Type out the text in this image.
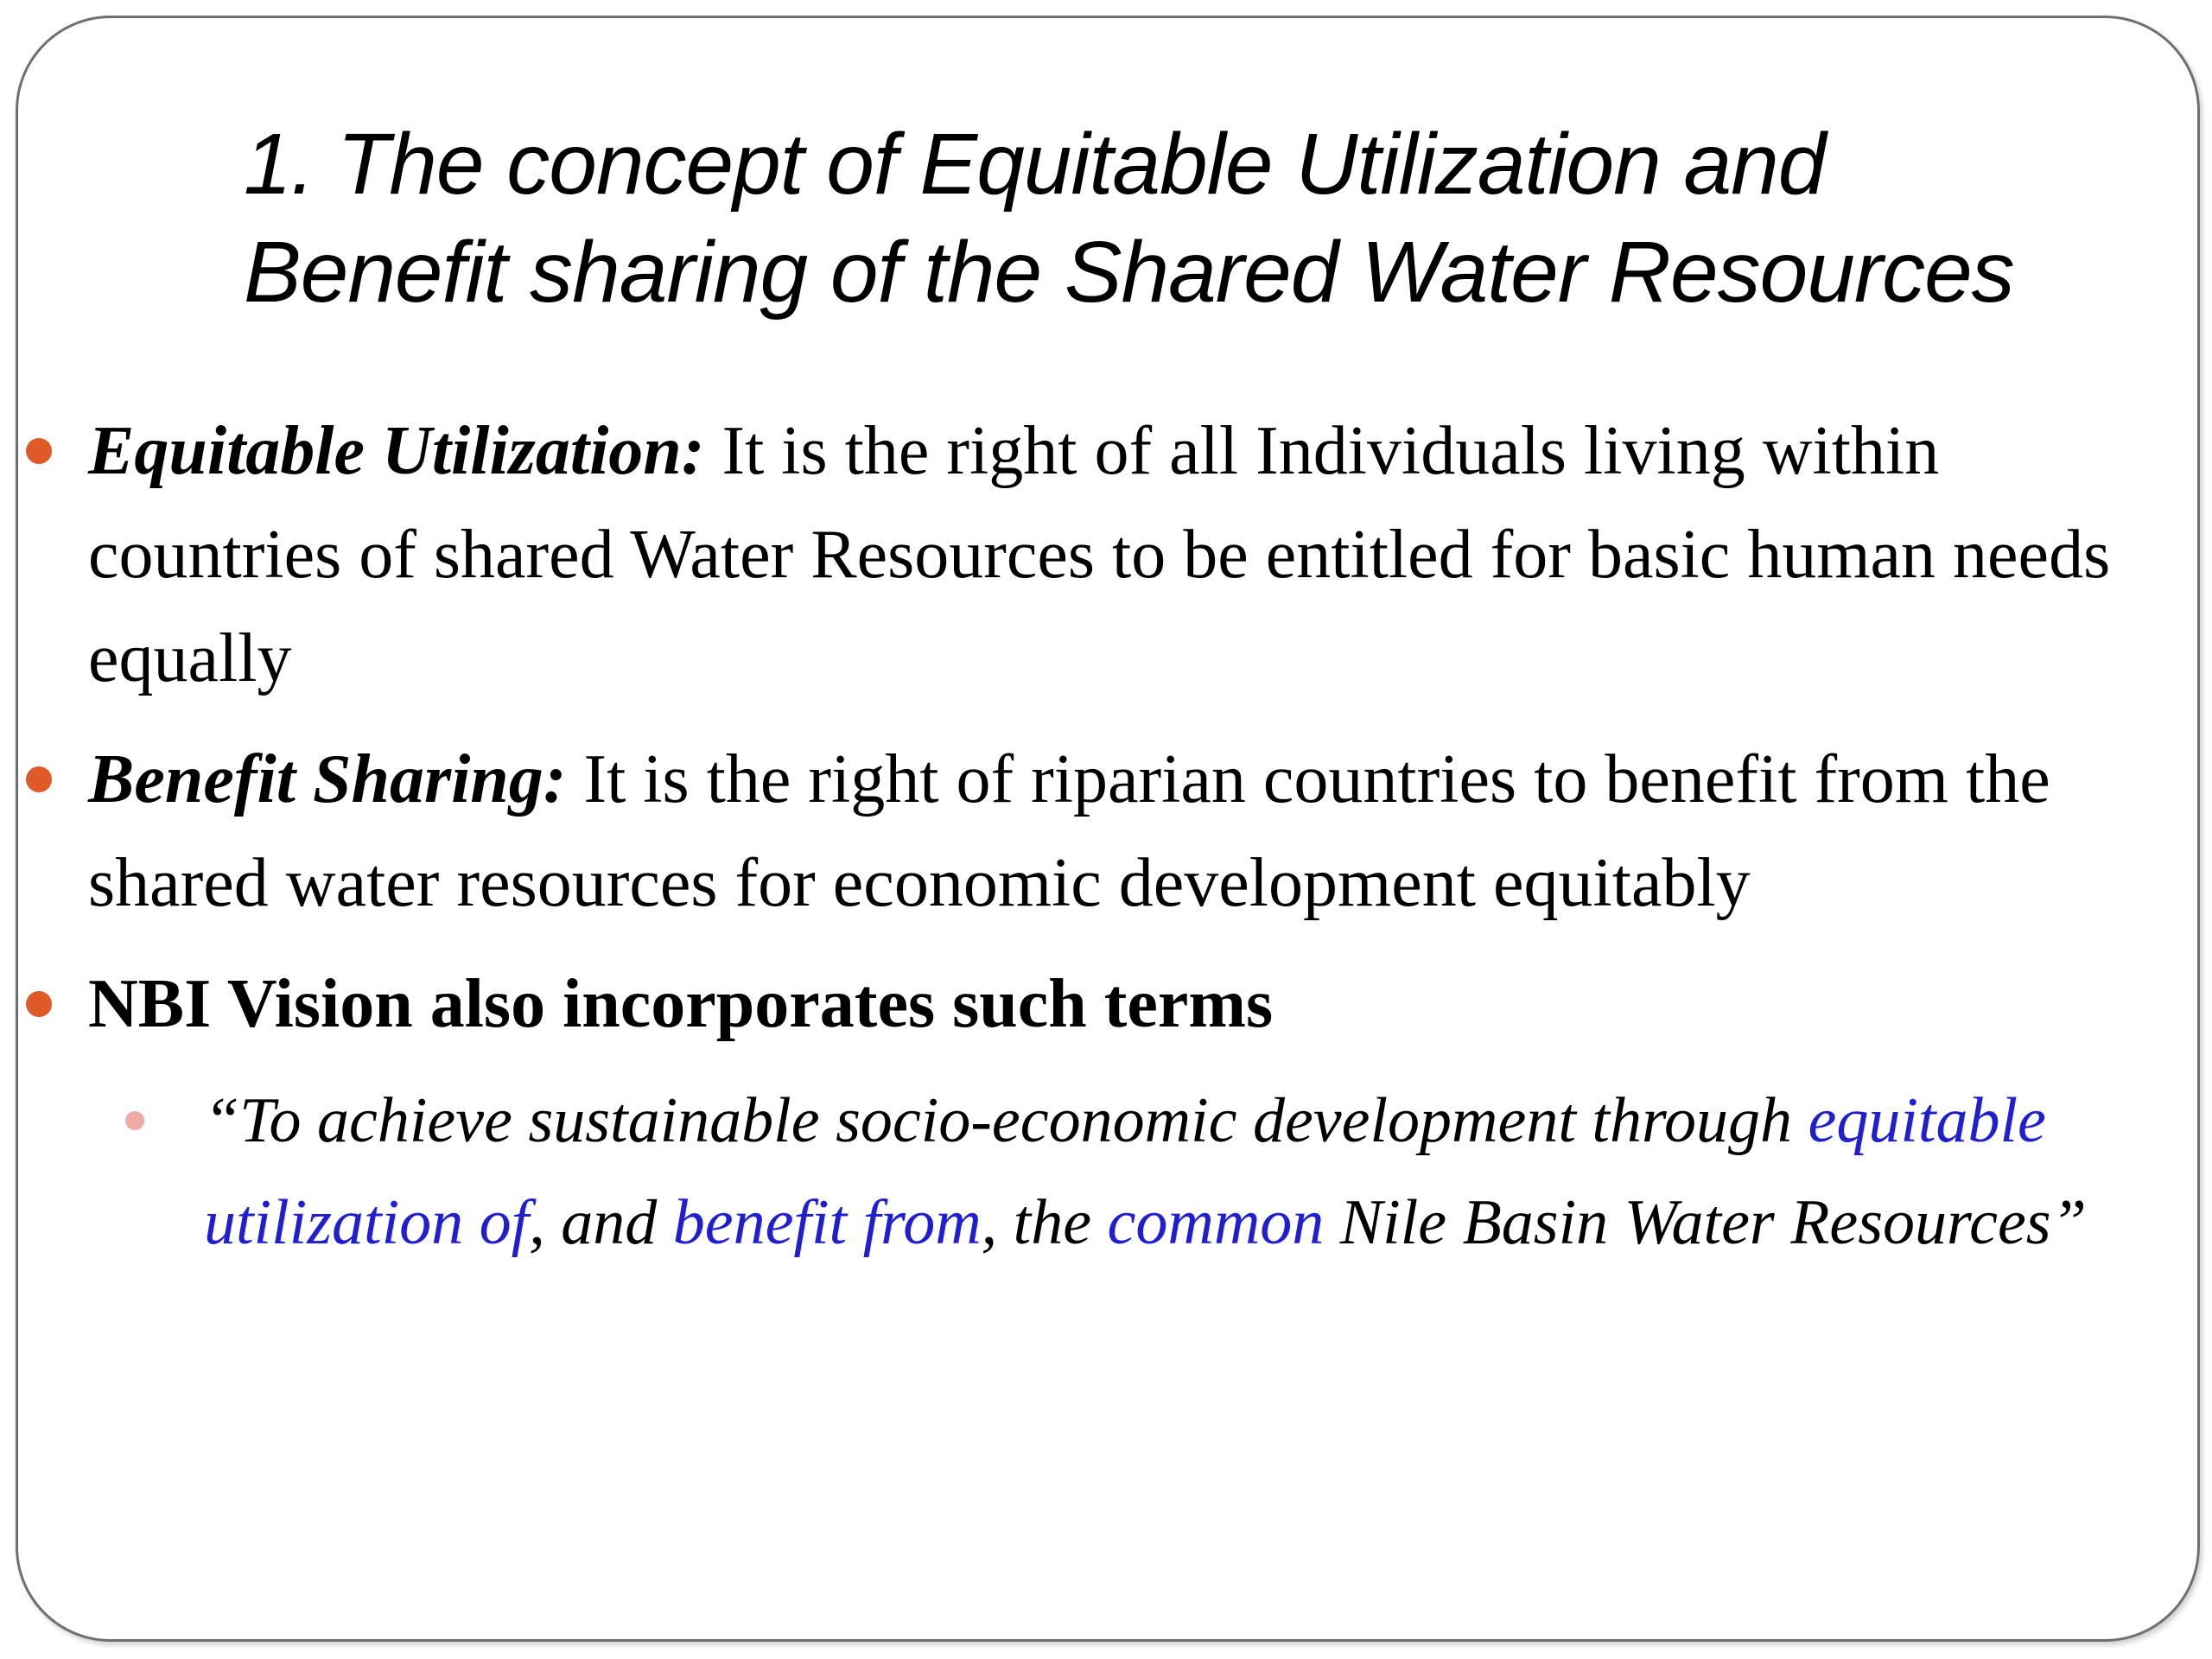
1. The concept of Equitable Utilization and
Benefit sharing of the Shared Water Resources
Equitable Utilization: It is the right of all Individuals living within countries of shared Water Resources to be entitled for basic human needs equally
Benefit Sharing: It is the right of riparian countries to benefit from the shared water resources for economic development equitably
NBI Vision also incorporates such terms
“To achieve sustainable socio-economic development through equitable utilization of, and benefit from, the common Nile Basin Water Resources”
